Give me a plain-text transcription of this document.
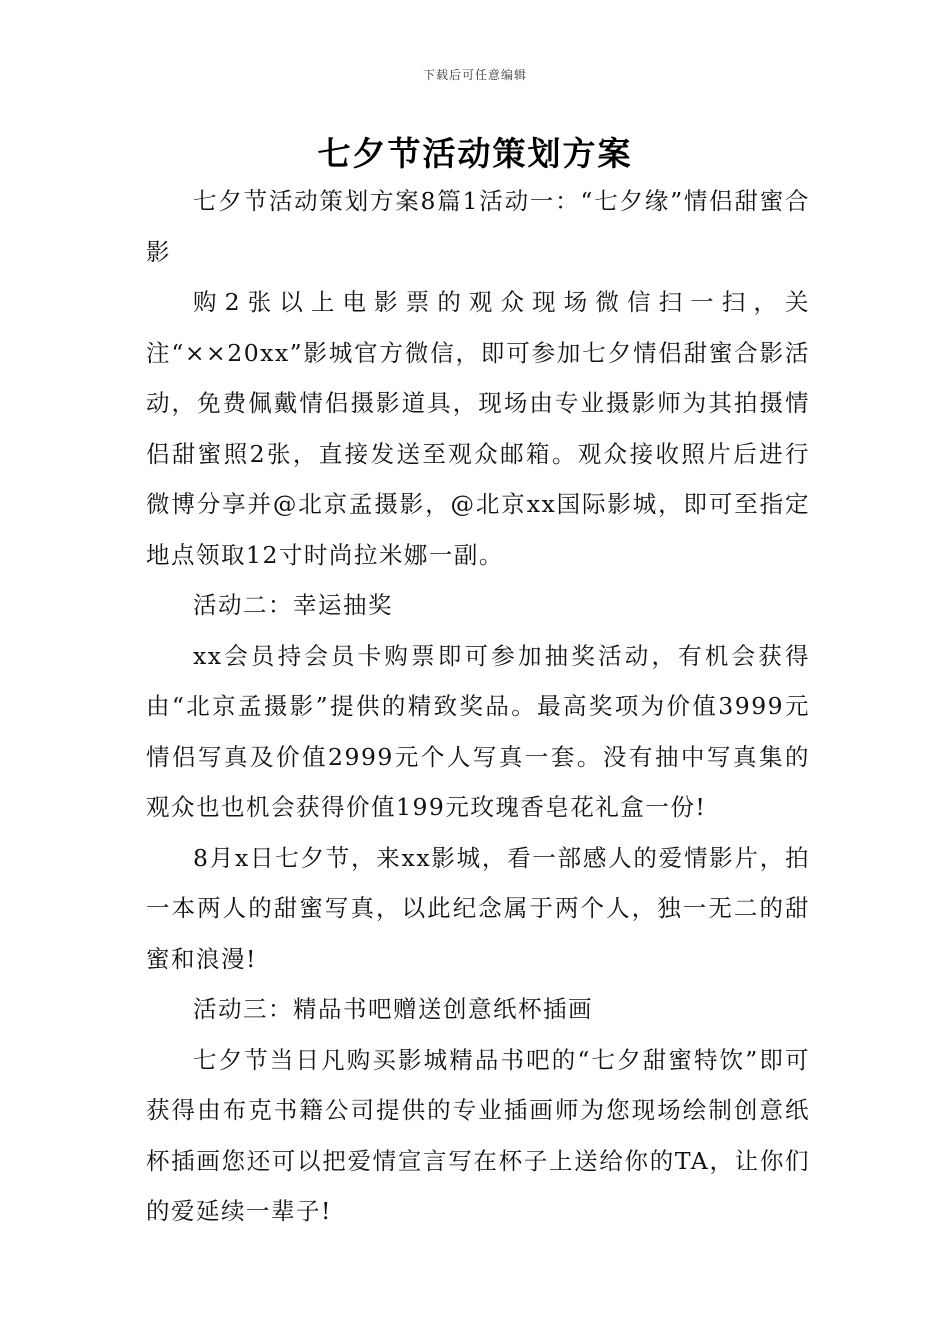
下载后可任意编辑
七夕节活动策划方案

七夕节活动策划方案8篇1活动一：“七夕缘”情侣甜蜜合影

购2张以上电影票的观众现场微信扫一扫，关注“××20xx”影城官方微信，即可参加七夕情侣甜蜜合影活动，免费佩戴情侣摄影道具，现场由专业摄影师为其拍摄情侣甜蜜照2张，直接发送至观众邮箱。观众接收照片后进行微博分享并@北京孟摄影，@北京xx国际影城，即可至指定地点领取12寸时尚拉米娜一副。

活动二：幸运抽奖

xx会员持会员卡购票即可参加抽奖活动，有机会获得由“北京孟摄影”提供的精致奖品。最高奖项为价值3999元情侣写真及价值2999元个人写真一套。没有抽中写真集的观众也也机会获得价值199元玫瑰香皂花礼盒一份!

8月x日七夕节，来xx影城，看一部感人的爱情影片，拍一本两人的甜蜜写真，以此纪念属于两个人，独一无二的甜蜜和浪漫!

活动三：精品书吧赠送创意纸杯插画

七夕节当日凡购买影城精品书吧的“七夕甜蜜特饮”即可获得由布克书籍公司提供的专业插画师为您现场绘制创意纸杯插画您还可以把爱情宣言写在杯子上送给你的TA，让你们的爱延续一辈子!
